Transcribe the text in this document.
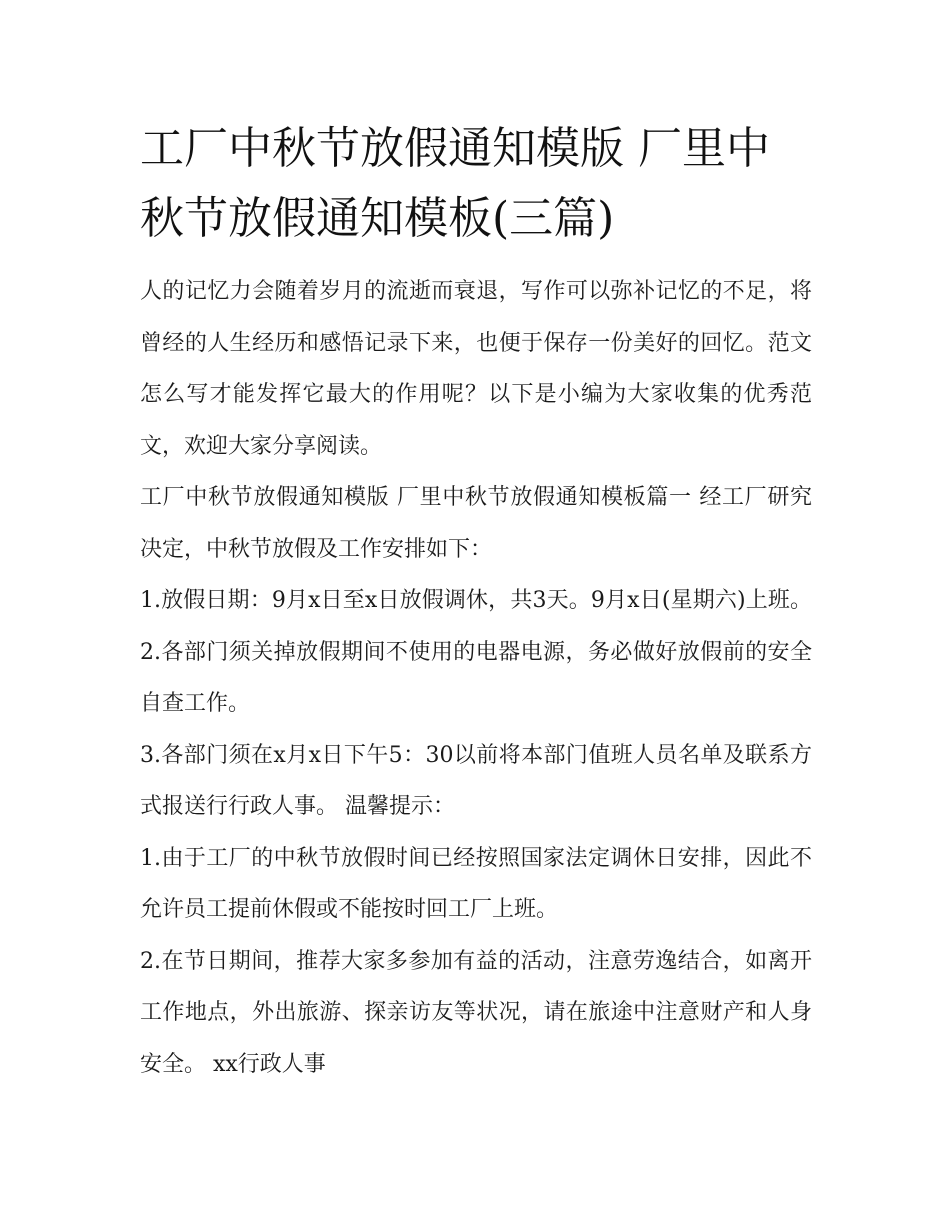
工厂中秋节放假通知模版 厂里中秋节放假通知模板(三篇)

人的记忆力会随着岁月的流逝而衰退，写作可以弥补记忆的不足，将曾经的人生经历和感悟记录下来，也便于保存一份美好的回忆。范文怎么写才能发挥它最大的作用呢？以下是小编为大家收集的优秀范文，欢迎大家分享阅读。

工厂中秋节放假通知模版 厂里中秋节放假通知模板篇一 经工厂研究决定，中秋节放假及工作安排如下：

1.放假日期：9月x日至x日放假调休，共3天。9月x日(星期六)上班。 2.各部门须关掉放假期间不使用的电器电源，务必做好放假前的安全自查工作。

3.各部门须在x月x日下午5：30以前将本部门值班人员名单及联系方式报送行行政人事。 温馨提示：

1.由于工厂的中秋节放假时间已经按照国家法定调休日安排，因此不允许员工提前休假或不能按时回工厂上班。

2.在节日期间，推荐大家多参加有益的活动，注意劳逸结合，如离开工作地点，外出旅游、探亲访友等状况，请在旅途中注意财产和人身安全。 xx行政人事
